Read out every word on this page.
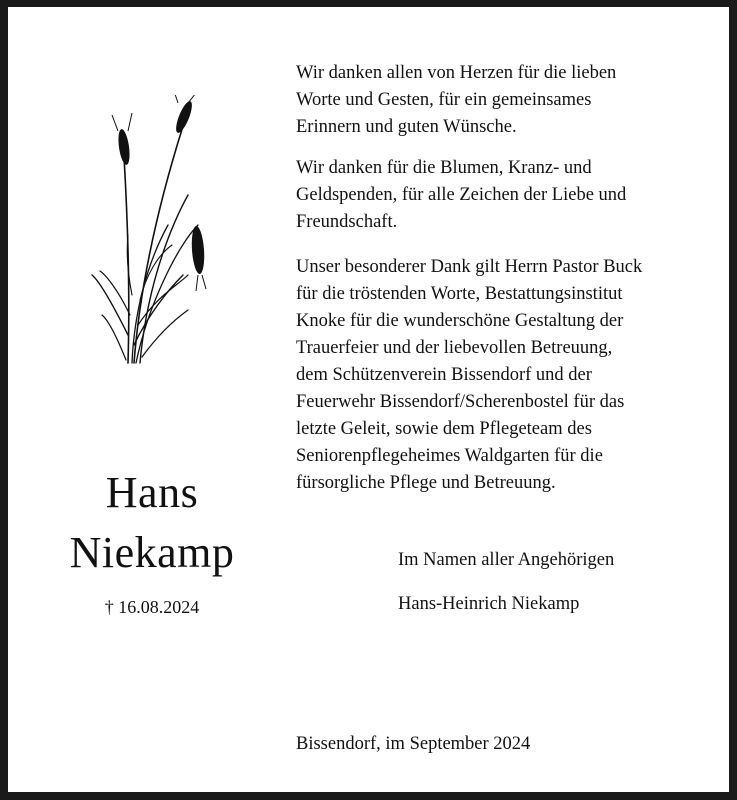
Hans
Niekamp
† 16.08.2024

Wir danken allen von Herzen für die lieben

Worte und Gesten, für ein gemeinsames

Erinnern und guten Wünsche.

Wir danken für die Blumen, Kranz- und

Geldspenden, für alle Zeichen der Liebe und

Freundschaft.

Unser besonderer Dank gilt Herrn Pastor Buck

für die tröstenden Worte, Bestattungsinstitut

Knoke für die wunderschöne Gestaltung der

Trauerfeier und der liebevollen Betreuung,

dem Schützenverein Bissendorf und der

Feuerwehr Bissendorf/Scherenbostel für das

letzte Geleit, sowie dem Pflegeteam des

Seniorenpflegeheimes Waldgarten für die

fürsorgliche Pflege und Betreuung.

Im Namen aller Angehörigen
Hans-Heinrich Niekamp
Bissendorf, im September 2024
